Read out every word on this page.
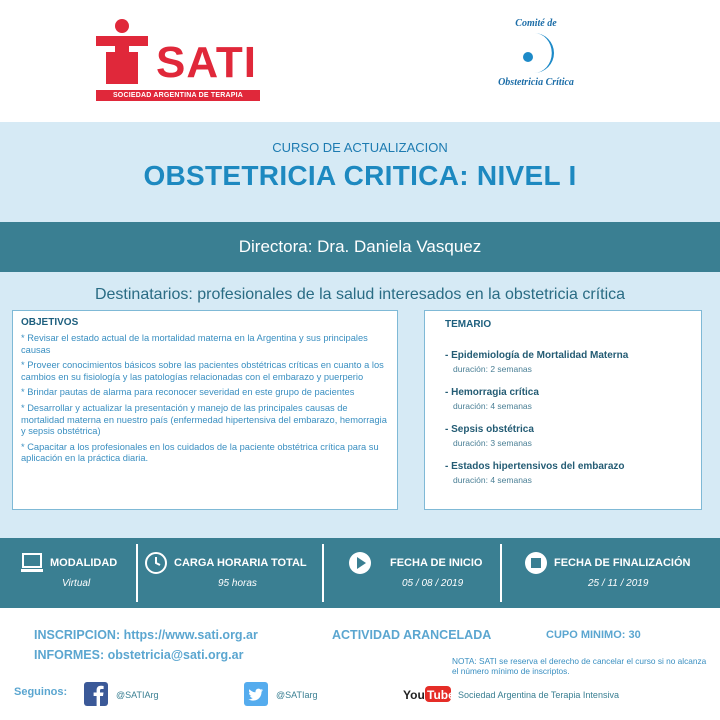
SATI
SOCIEDAD ARGENTINA DE TERAPIA INTENSIVA
Comité de
Obstetricia Crítica
CURSO DE ACTUALIZACION
OBSTETRICIA CRITICA: NIVEL I
Directora: Dra. Daniela Vasquez
Destinatarios: profesionales de la salud interesados en la obstetricia crítica
OBJETIVOS
* Revisar el estado actual de la mortalidad materna en la Argentina y sus principales causas
* Proveer conocimientos básicos sobre las pacientes obstétricas críticas en cuanto a los cambios en su fisiología y las patologías relacionadas con el embarazo y puerperio
* Brindar pautas de alarma para reconocer severidad en este grupo de pacientes
* Desarrollar y actualizar la presentación y manejo de las principales causas de mortalidad materna en nuestro país (enfermedad hipertensiva del embarazo, hemorragia y sepsis obstétrica)
* Capacitar a los profesionales en los cuidados de la paciente obstétrica crítica para su aplicación en la práctica diaria.
TEMARIO
- Epidemiología de Mortalidad Materna
duración: 2 semanas
- Hemorragia crítica
duración: 4 semanas
- Sepsis obstétrica
duración: 3 semanas
- Estados hipertensivos del embarazo
duración: 4 semanas
MODALIDAD
Virtual
CARGA HORARIA TOTAL
95 horas
FECHA DE INICIO
05 / 08 / 2019
FECHA DE FINALIZACIÓN
25 / 11 / 2019
INSCRIPCION: https://www.sati.org.ar	ACTIVIDAD ARANCELADA	CUPO MINIMO: 30
INFORMES: obstetricia@sati.org.ar	NOTA: SATI se reserva el derecho de cancelar el curso si no alcanza el número mínimo de inscriptos.
Seguinos:	@SATIArg	@SATIarg	You Tube Sociedad Argentina de Terapia Intensiva
